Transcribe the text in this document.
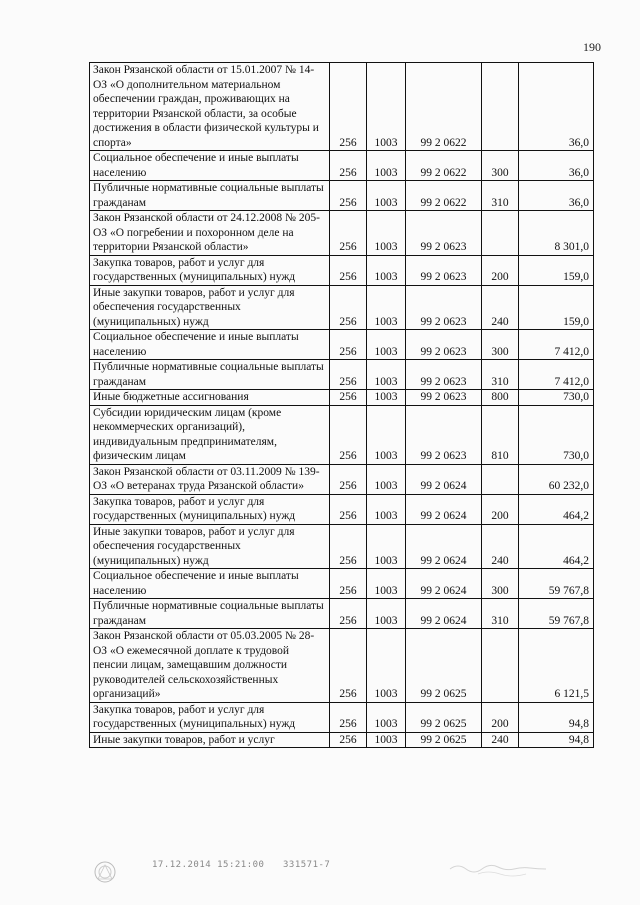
190
Закон Рязанской области от 15.01.2007 № 14-ОЗ «О дополнительном материальном обеспечении граждан, проживающих на территории Рязанской области, за особые достижения в области физической культуры и спорта»	256	1003	99 2 0622		36,0
Социальное обеспечение и иные выплаты населению	256	1003	99 2 0622	300	36,0
Публичные нормативные социальные выплаты гражданам	256	1003	99 2 0622	310	36,0
Закон Рязанской области от 24.12.2008 № 205-ОЗ «О погребении и похоронном деле на территории Рязанской области»	256	1003	99 2 0623		8 301,0
Закупка товаров, работ и услуг для государственных (муниципальных) нужд	256	1003	99 2 0623	200	159,0
Иные закупки товаров, работ и услуг для обеспечения государственных (муниципальных) нужд	256	1003	99 2 0623	240	159,0
Социальное обеспечение и иные выплаты населению	256	1003	99 2 0623	300	7 412,0
Публичные нормативные социальные выплаты гражданам	256	1003	99 2 0623	310	7 412,0
Иные бюджетные ассигнования	256	1003	99 2 0623	800	730,0
Субсидии юридическим лицам (кроме некоммерческих организаций), индивидуальным предпринимателям, физическим лицам	256	1003	99 2 0623	810	730,0
Закон Рязанской области от 03.11.2009 № 139-ОЗ «О ветеранах труда Рязанской области»	256	1003	99 2 0624		60 232,0
Закупка товаров, работ и услуг для государственных (муниципальных) нужд	256	1003	99 2 0624	200	464,2
Иные закупки товаров, работ и услуг для обеспечения государственных (муниципальных) нужд	256	1003	99 2 0624	240	464,2
Социальное обеспечение и иные выплаты населению	256	1003	99 2 0624	300	59 767,8
Публичные нормативные социальные выплаты гражданам	256	1003	99 2 0624	310	59 767,8
Закон Рязанской области от 05.03.2005 № 28-ОЗ «О ежемесячной доплате к трудовой пенсии лицам, замещавшим должности руководителей сельскохозяйственных организаций»	256	1003	99 2 0625		6 121,5
Закупка товаров, работ и услуг для государственных (муниципальных) нужд	256	1003	99 2 0625	200	94,8
Иные закупки товаров, работ и услуг	256	1003	99 2 0625	240	94,8
17.12.2014 15:21:00 331571-7
